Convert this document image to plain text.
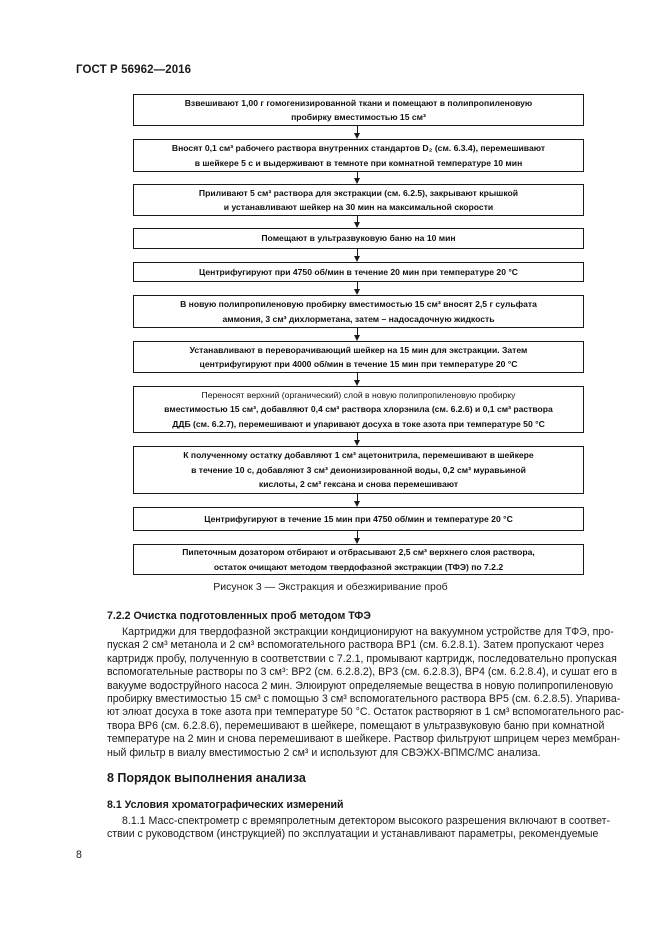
ГОСТ Р 56962—2016
Взвешивают 1,00 г гомогенизированной ткани и помещают в полипропиленовую
пробирку вместимостью 15 см³
Вносят 0,1 см³ рабочего раствора внутренних стандартов D₂ (см. 6.3.4), перемешивают
в шейкере 5 с и выдерживают в темноте при комнатной температуре 10 мин
Приливают 5 см³ раствора для экстракции (см. 6.2.5), закрывают крышкой
и устанавливают шейкер на 30 мин на максимальной скорости
Помещают в ультразвуковую баню на 10 мин
Центрифугируют при 4750 об/мин в течение 20 мин при температуре 20 °С
В новую полипропиленовую пробирку вместимостью 15 см³ вносят 2,5 г сульфата
аммония, 3 см³ дихлорметана, затем – надосадочную жидкость
Устанавливают в переворачивающий шейкер на 15 мин для экстракции. Затем
центрифугируют при 4000 об/мин в течение 15 мин при температуре 20 °С
Переносят верхний (органический) слой в новую полипропиленовую пробирку
вместимостью 15 см³, добавляют 0,4 см³ раствора хлорэнила (см. 6.2.6) и 0,1 см³ раствора
ДДБ (см. 6.2.7), перемешивают и упаривают досуха в токе азота при температуре 50 °С
К полученному остатку добавляют 1 см³ ацетонитрила, перемешивают в шейкере
в течение 10 с, добавляют 3 см³ деионизированной воды, 0,2 см³ муравьиной
кислоты, 2 см³ гексана и снова перемешивают
Центрифугируют в течение 15 мин при 4750 об/мин и температуре 20 °С
Пипеточным дозатором отбирают и отбрасывают 2,5 см³ верхнего слоя раствора,
остаток очищают методом твердофазной экстракции (ТФЭ) по 7.2.2
Рисунок 3 — Экстракция и обезжиривание проб
7.2.2 Очистка подготовленных проб методом ТФЭ
Картриджи для твердофазной экстракции кондиционируют на вакуумном устройстве для ТФЭ, про-
пуская 2 см³ метанола и 2 см³ вспомогательного раствора ВР1 (см. 6.2.8.1). Затем пропускают через
картридж пробу, полученную в соответствии с 7.2.1, промывают картридж, последовательно пропуская
вспомогательные растворы по 3 см³: ВР2 (см. 6.2.8.2), ВР3 (см. 6.2.8.3), ВР4 (см. 6.2.8.4), и сушат его в
вакууме водоструйного насоса 2 мин. Элюируют определяемые вещества в новую полипропиленовую
пробирку вместимостью 15 см³ с помощью 3 см³ вспомогательного раствора ВР5 (см. 6.2.8.5). Упарива-
ют элюат досуха в токе азота при температуре 50 °С. Остаток растворяют в 1 см³ вспомогательного рас-
твора ВР6 (см. 6.2.8.6), перемешивают в шейкере, помещают в ультразвуковую баню при комнатной
температуре на 2 мин и снова перемешивают в шейкере. Раствор фильтруют шприцем через мембран-
ный фильтр в виалу вместимостью 2 см³ и используют для СВЭЖХ-ВПМС/МС анализа.
8 Порядок выполнения анализа
8.1 Условия хроматографических измерений
8.1.1 Масс-спектрометр с времяпролетным детектором высокого разрешения включают в соответ-
ствии с руководством (инструкцией) по эксплуатации и устанавливают параметры, рекомендуемые
8
